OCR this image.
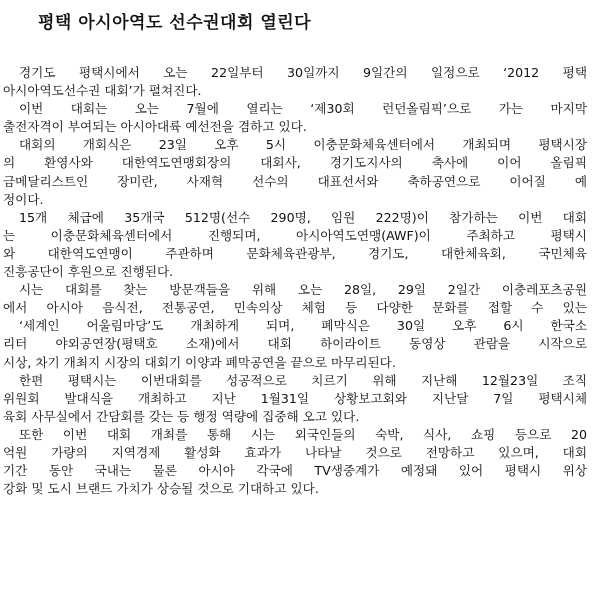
평택 아시아역도 선수권대회 열린다
경기도 평택시에서 오는 22일부터 30일까지 9일간의 일정으로 ‘2012 평택
아시아역도선수권 대회’가 펼쳐진다.
이번 대회는 오는 7월에 열리는 ‘제30회 런던올림픽’으로 가는 마지막
출전자격이 부여되는 아시아대륙 예선전을 겸하고 있다.
대회의 개회식은 23일 오후 5시 이충문화체육센터에서 개최되며 평택시장
의 환영사와 대한역도연맹회장의 대회사, 경기도지사의 축사에 이어 올림픽
금메달리스트인 장미란, 사재혁 선수의 대표선서와 축하공연으로 이어질 예
정이다.
15개 체급에 35개국 512명(선수 290명, 임원 222명)이 참가하는 이번 대회
는 이충문화체육센터에서 진행되며, 아시아역도연맹(AWF)이 주최하고 평택시
와 대한역도연맹이 주관하며 문화체육관광부, 경기도, 대한체육회, 국민체육
진흥공단이 후원으로 진행된다.
시는 대회를 찾는 방문객들을 위해 오는 28일, 29일 2일간 이충레포츠공원
에서 아시아 음식전, 전통공연, 민속의상 체험 등 다양한 문화를 접할 수 있는
‘세계인 어울림마당’도 개최하게 되며, 폐막식은 30일 오후 6시 한국소
리터 야외공연장(평택호 소재)에서 대회 하이라이트 동영상 관람을 시작으로
시상, 차기 개최지 시장의 대회기 이양과 폐막공연을 끝으로 마무리된다.
한편 평택시는 이번대회를 성공적으로 치르기 위해 지난해 12월23일 조직
위원회 발대식을 개최하고 지난 1월31일 상황보고회와 지난달 7일 평택시체
육회 사무실에서 간담회를 갖는 등 행정 역량에 집중해 오고 있다.
또한 이번 대회 개최를 통해 시는 외국인들의 숙박, 식사, 쇼핑 등으로 20
억원 가량의 지역경제 활성화 효과가 나타날 것으로 전망하고 있으며, 대회
기간 동안 국내는 물론 아시아 각국에 TV생중계가 예정돼 있어 평택시 위상
강화 및 도시 브랜드 가치가 상승될 것으로 기대하고 있다.
